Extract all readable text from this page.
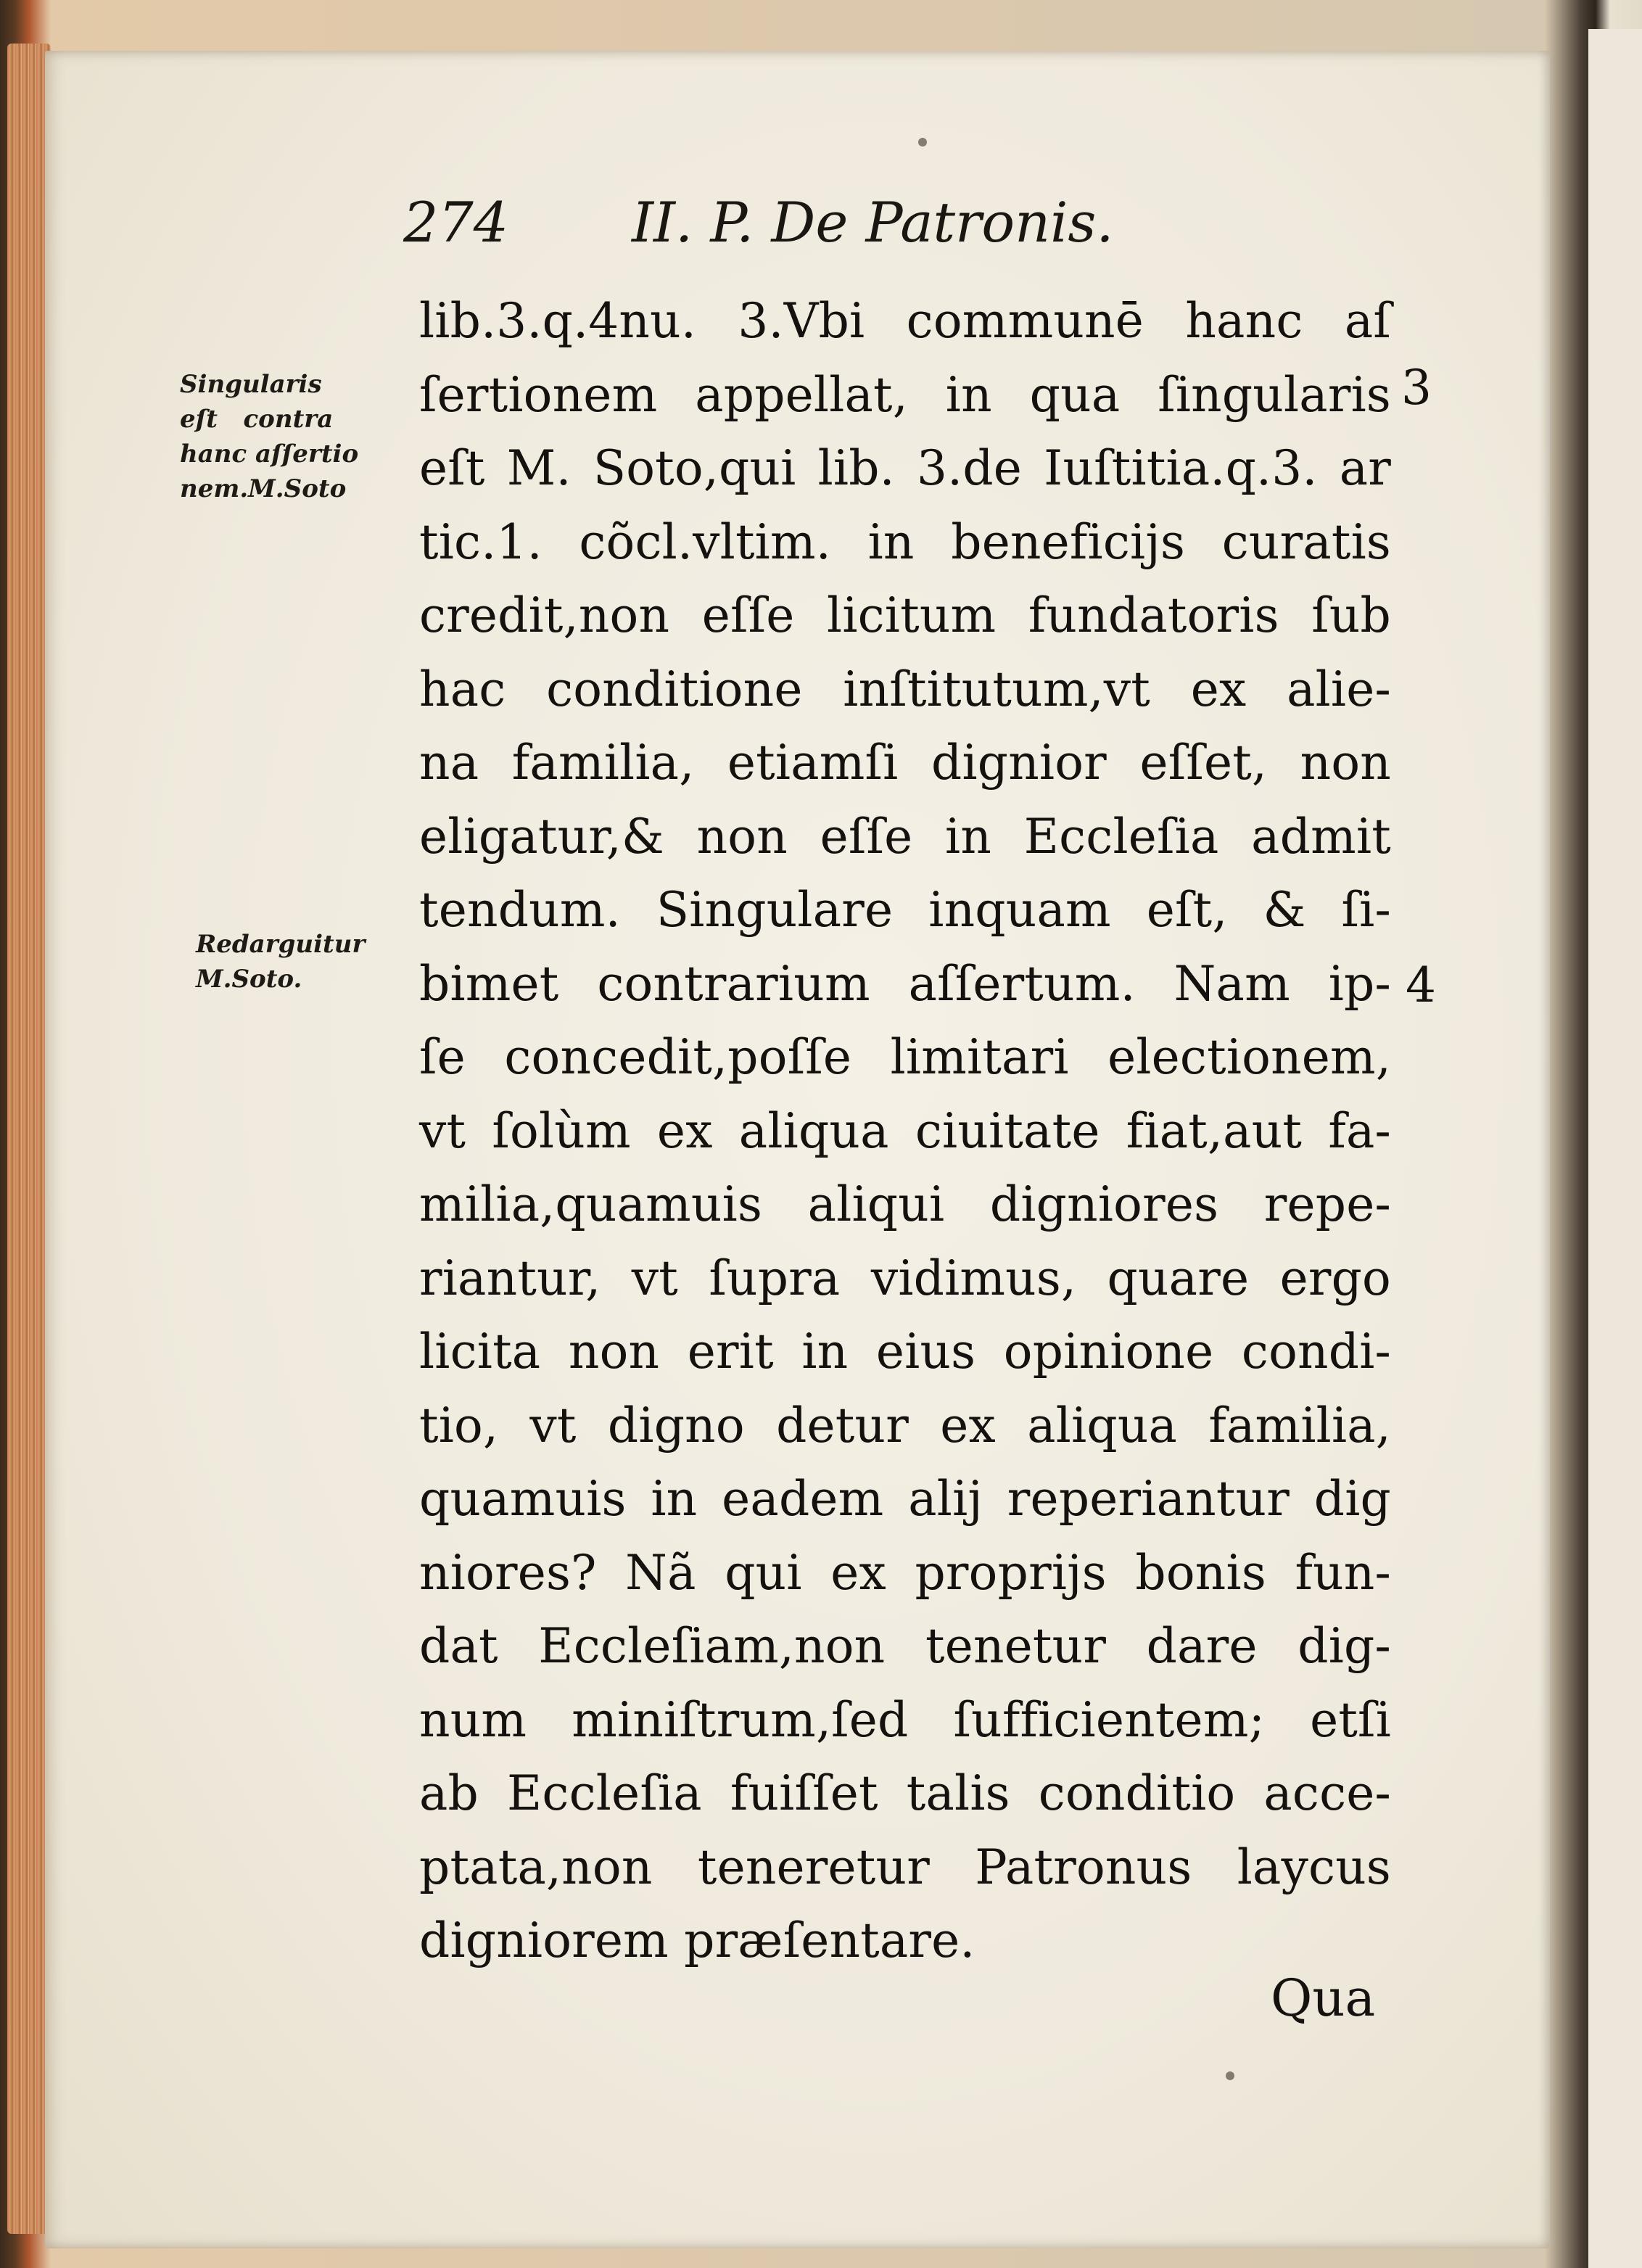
274 II. P. De Patronis.
Singularis
eſt   contra
hanc aſſertio
nem.M.Soto
Redarguitur
M.Soto.
3
4
lib.3.q.4nu. 3.Vbi communē hanc aſ
ſertionem appellat, in qua ſingularis
eſt M. Soto,qui lib. 3.de Iuſtitia.q.3. ar
tic.1. cõcl.vltim. in beneficijs curatis
credit,non eſſe licitum fundatoris ſub
hac conditione inſtitutum,vt ex alie-
na familia, etiamſi dignior eſſet, non
eligatur,& non eſſe in Eccleſia admit
tendum. Singulare inquam eſt, & ſi-
bimet contrarium aſſertum. Nam ip-
ſe concedit,poſſe limitari electionem,
vt ſolùm ex aliqua ciuitate fiat,aut fa-
milia,quamuis aliqui digniores repe-
riantur, vt ſupra vidimus, quare ergo
licita non erit in eius opinione condi-
tio, vt digno detur ex aliqua familia,
quamuis in eadem alij reperiantur dig
niores? Nã qui ex proprijs bonis fun-
dat Eccleſiam,non tenetur dare dig-
num miniſtrum,ſed ſufficientem; etſi
ab Eccleſia fuiſſet talis conditio acce-
ptata,non teneretur Patronus laycus
digniorem præſentare.
Qua
